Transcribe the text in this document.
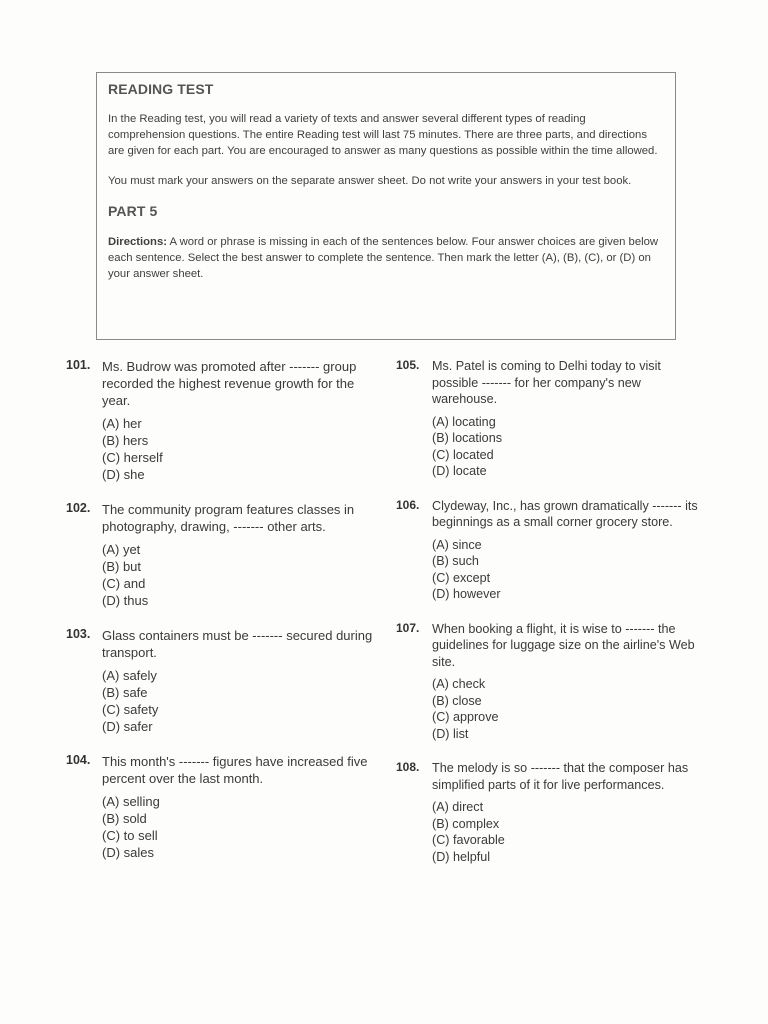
READING TEST

In the Reading test, you will read a variety of texts and answer several different types of reading comprehension questions. The entire Reading test will last 75 minutes. There are three parts, and directions are given for each part. You are encouraged to answer as many questions as possible within the time allowed.

You must mark your answers on the separate answer sheet. Do not write your answers in your test book.

PART 5

Directions: A word or phrase is missing in each of the sentences below. Four answer choices are given below each sentence. Select the best answer to complete the sentence. Then mark the letter (A), (B), (C), or (D) on your answer sheet.

101. Ms. Budrow was promoted after ------- group recorded the highest revenue growth for the year.
(A) her
(B) hers
(C) herself
(D) she
102. The community program features classes in photography, drawing, ------- other arts.
(A) yet
(B) but
(C) and
(D) thus
103. Glass containers must be ------- secured during transport.
(A) safely
(B) safe
(C) safety
(D) safer
104. This month's ------- figures have increased five percent over the last month.
(A) selling
(B) sold
(C) to sell
(D) sales
105. Ms. Patel is coming to Delhi today to visit possible ------- for her company's new warehouse.
(A) locating
(B) locations
(C) located
(D) locate
106. Clydeway, Inc., has grown dramatically ------- its beginnings as a small corner grocery store.
(A) since
(B) such
(C) except
(D) however
107. When booking a flight, it is wise to ------- the guidelines for luggage size on the airline's Web site.
(A) check
(B) close
(C) approve
(D) list
108. The melody is so ------- that the composer has simplified parts of it for live performances.
(A) direct
(B) complex
(C) favorable
(D) helpful
